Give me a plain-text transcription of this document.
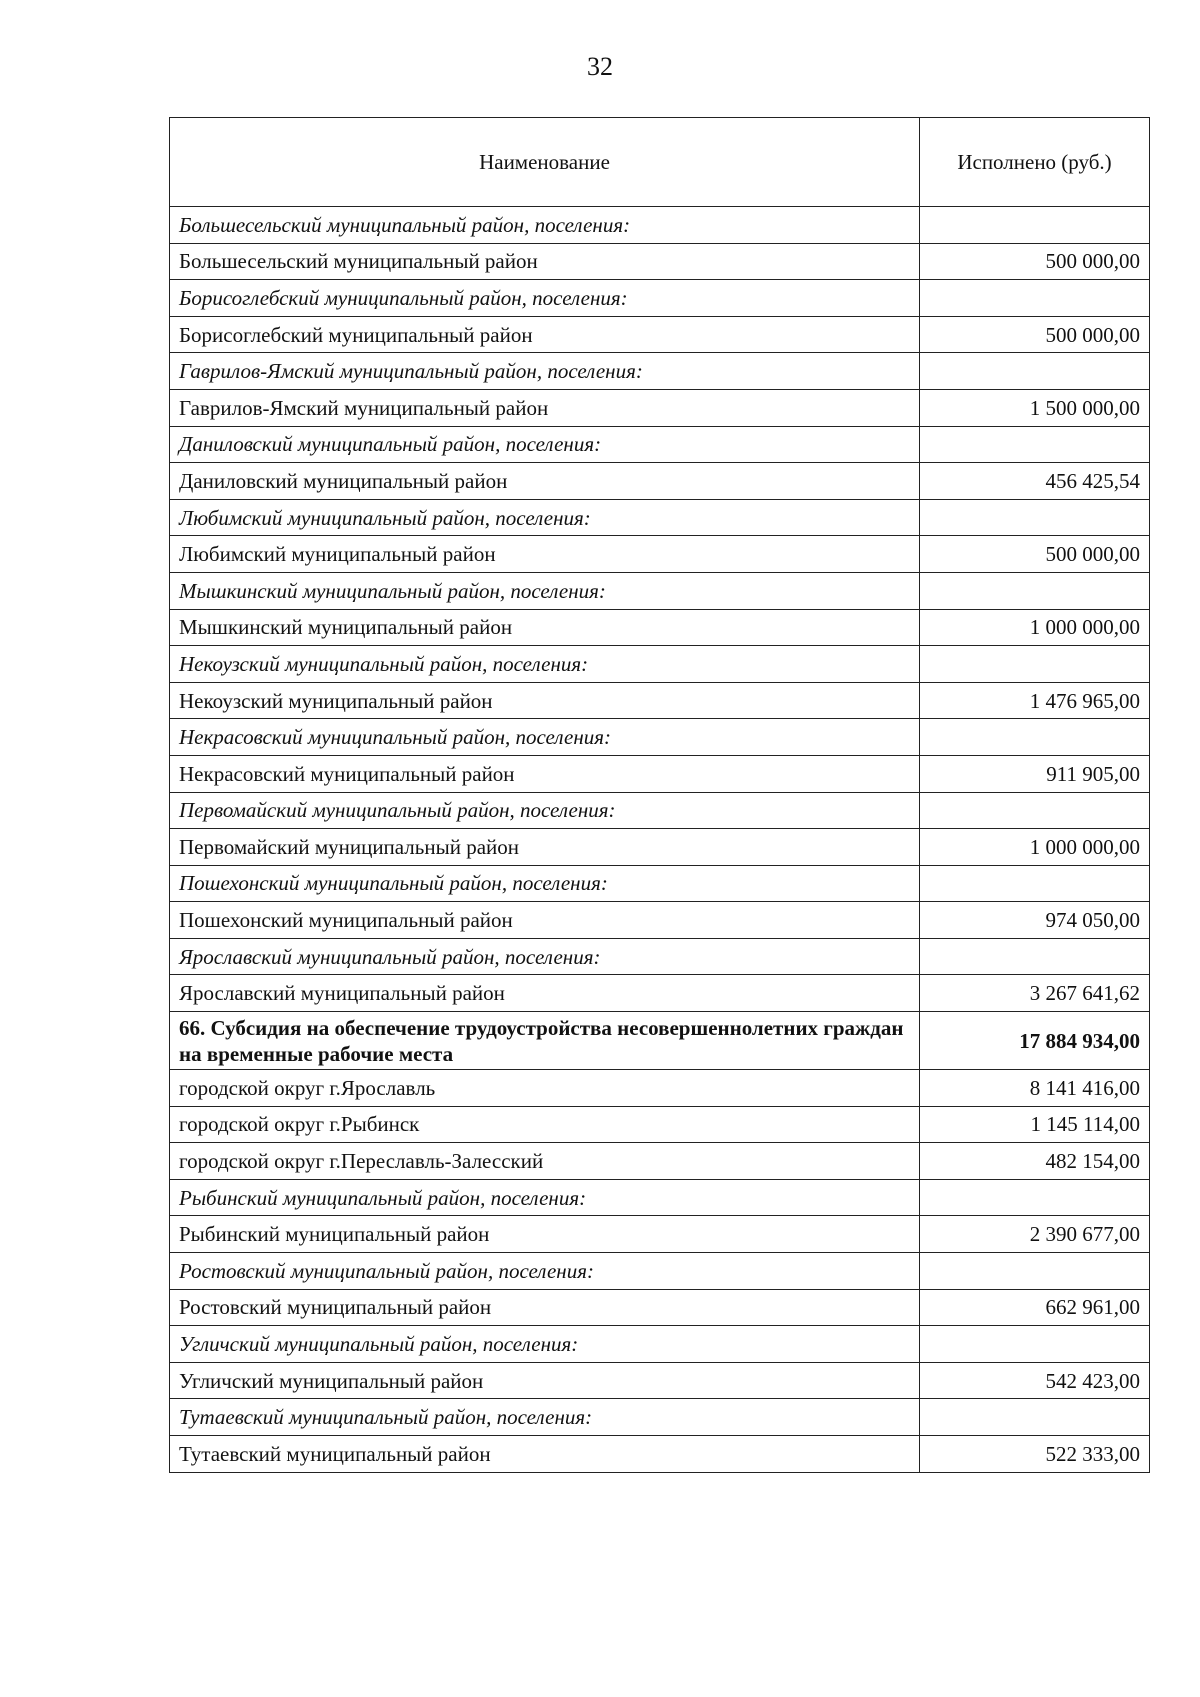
32
Наименование	Исполнено (руб.)
Большесельский муниципальный район, поселения:	
Большесельский муниципальный район	500 000,00
Борисоглебский муниципальный район, поселения:	
Борисоглебский муниципальный район	500 000,00
Гаврилов-Ямский муниципальный район, поселения:	
Гаврилов-Ямский муниципальный район	1 500 000,00
Даниловский муниципальный район, поселения:	
Даниловский муниципальный район	456 425,54
Любимский муниципальный район, поселения:	
Любимский муниципальный район	500 000,00
Мышкинский муниципальный район, поселения:	
Мышкинский муниципальный район	1 000 000,00
Некоузский муниципальный район, поселения:	
Некоузский муниципальный район	1 476 965,00
Некрасовский муниципальный район, поселения:	
Некрасовский муниципальный район	911 905,00
Первомайский муниципальный район, поселения:	
Первомайский муниципальный район	1 000 000,00
Пошехонский муниципальный район, поселения:	
Пошехонский муниципальный район	974 050,00
Ярославский муниципальный район, поселения:	
Ярославский муниципальный район	3 267 641,62
66. Субсидия на обеспечение трудоустройства несовершеннолетних граждан на временные рабочие места	17 884 934,00
городской округ г.Ярославль	8 141 416,00
городской округ г.Рыбинск	1 145 114,00
городской округ г.Переславль-Залесский	482 154,00
Рыбинский муниципальный район, поселения:	
Рыбинский муниципальный район	2 390 677,00
Ростовский муниципальный район, поселения:	
Ростовский муниципальный район	662 961,00
Угличский муниципальный район, поселения:	
Угличский муниципальный район	542 423,00
Тутаевский муниципальный район, поселения:	
Тутаевский муниципальный район	522 333,00
